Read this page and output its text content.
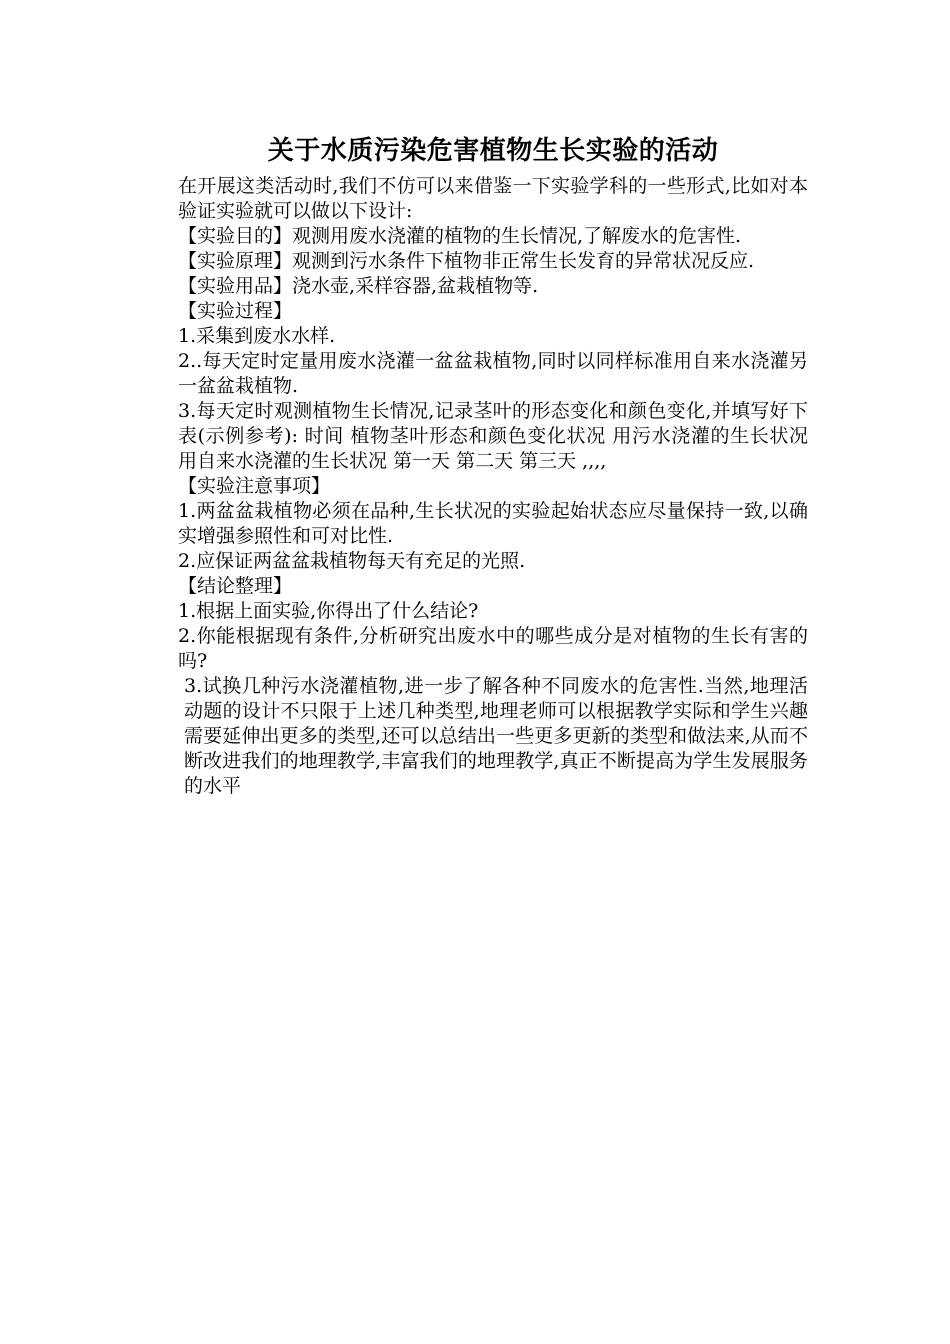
关于水质污染危害植物生长实验的活动

在开展这类活动时,我们不仿可以来借鉴一下实验学科的一些形式,比如对本验证实验就可以做以下设计:

【实验目的】观测用废水浇灌的植物的生长情况,了解废水的危害性.

【实验原理】观测到污水条件下植物非正常生长发育的异常状况反应.

【实验用品】浇水壶,采样容器,盆栽植物等.

【实验过程】

1.采集到废水水样.

2..每天定时定量用废水浇灌一盆盆栽植物,同时以同样标准用自来水浇灌另一盆盆栽植物.

3.每天定时观测植物生长情况,记录茎叶的形态变化和颜色变化,并填写好下表(示例参考): 时间 植物茎叶形态和颜色变化状况 用污水浇灌的生长状况 用自来水浇灌的生长状况 第一天 第二天 第三天 ,,,,

【实验注意事项】

1.两盆盆栽植物必须在品种,生长状况的实验起始状态应尽量保持一致,以确实增强参照性和可对比性.

2.应保证两盆盆栽植物每天有充足的光照.

【结论整理】

1.根据上面实验,你得出了什么结论?

2.你能根据现有条件,分析研究出废水中的哪些成分是对植物的生长有害的吗?

3.试换几种污水浇灌植物,进一步了解各种不同废水的危害性.当然,地理活动题的设计不只限于上述几种类型,地理老师可以根据教学实际和学生兴趣需要延伸出更多的类型,还可以总结出一些更多更新的类型和做法来,从而不断改进我们的地理教学,丰富我们的地理教学,真正不断提高为学生发展服务的水平
